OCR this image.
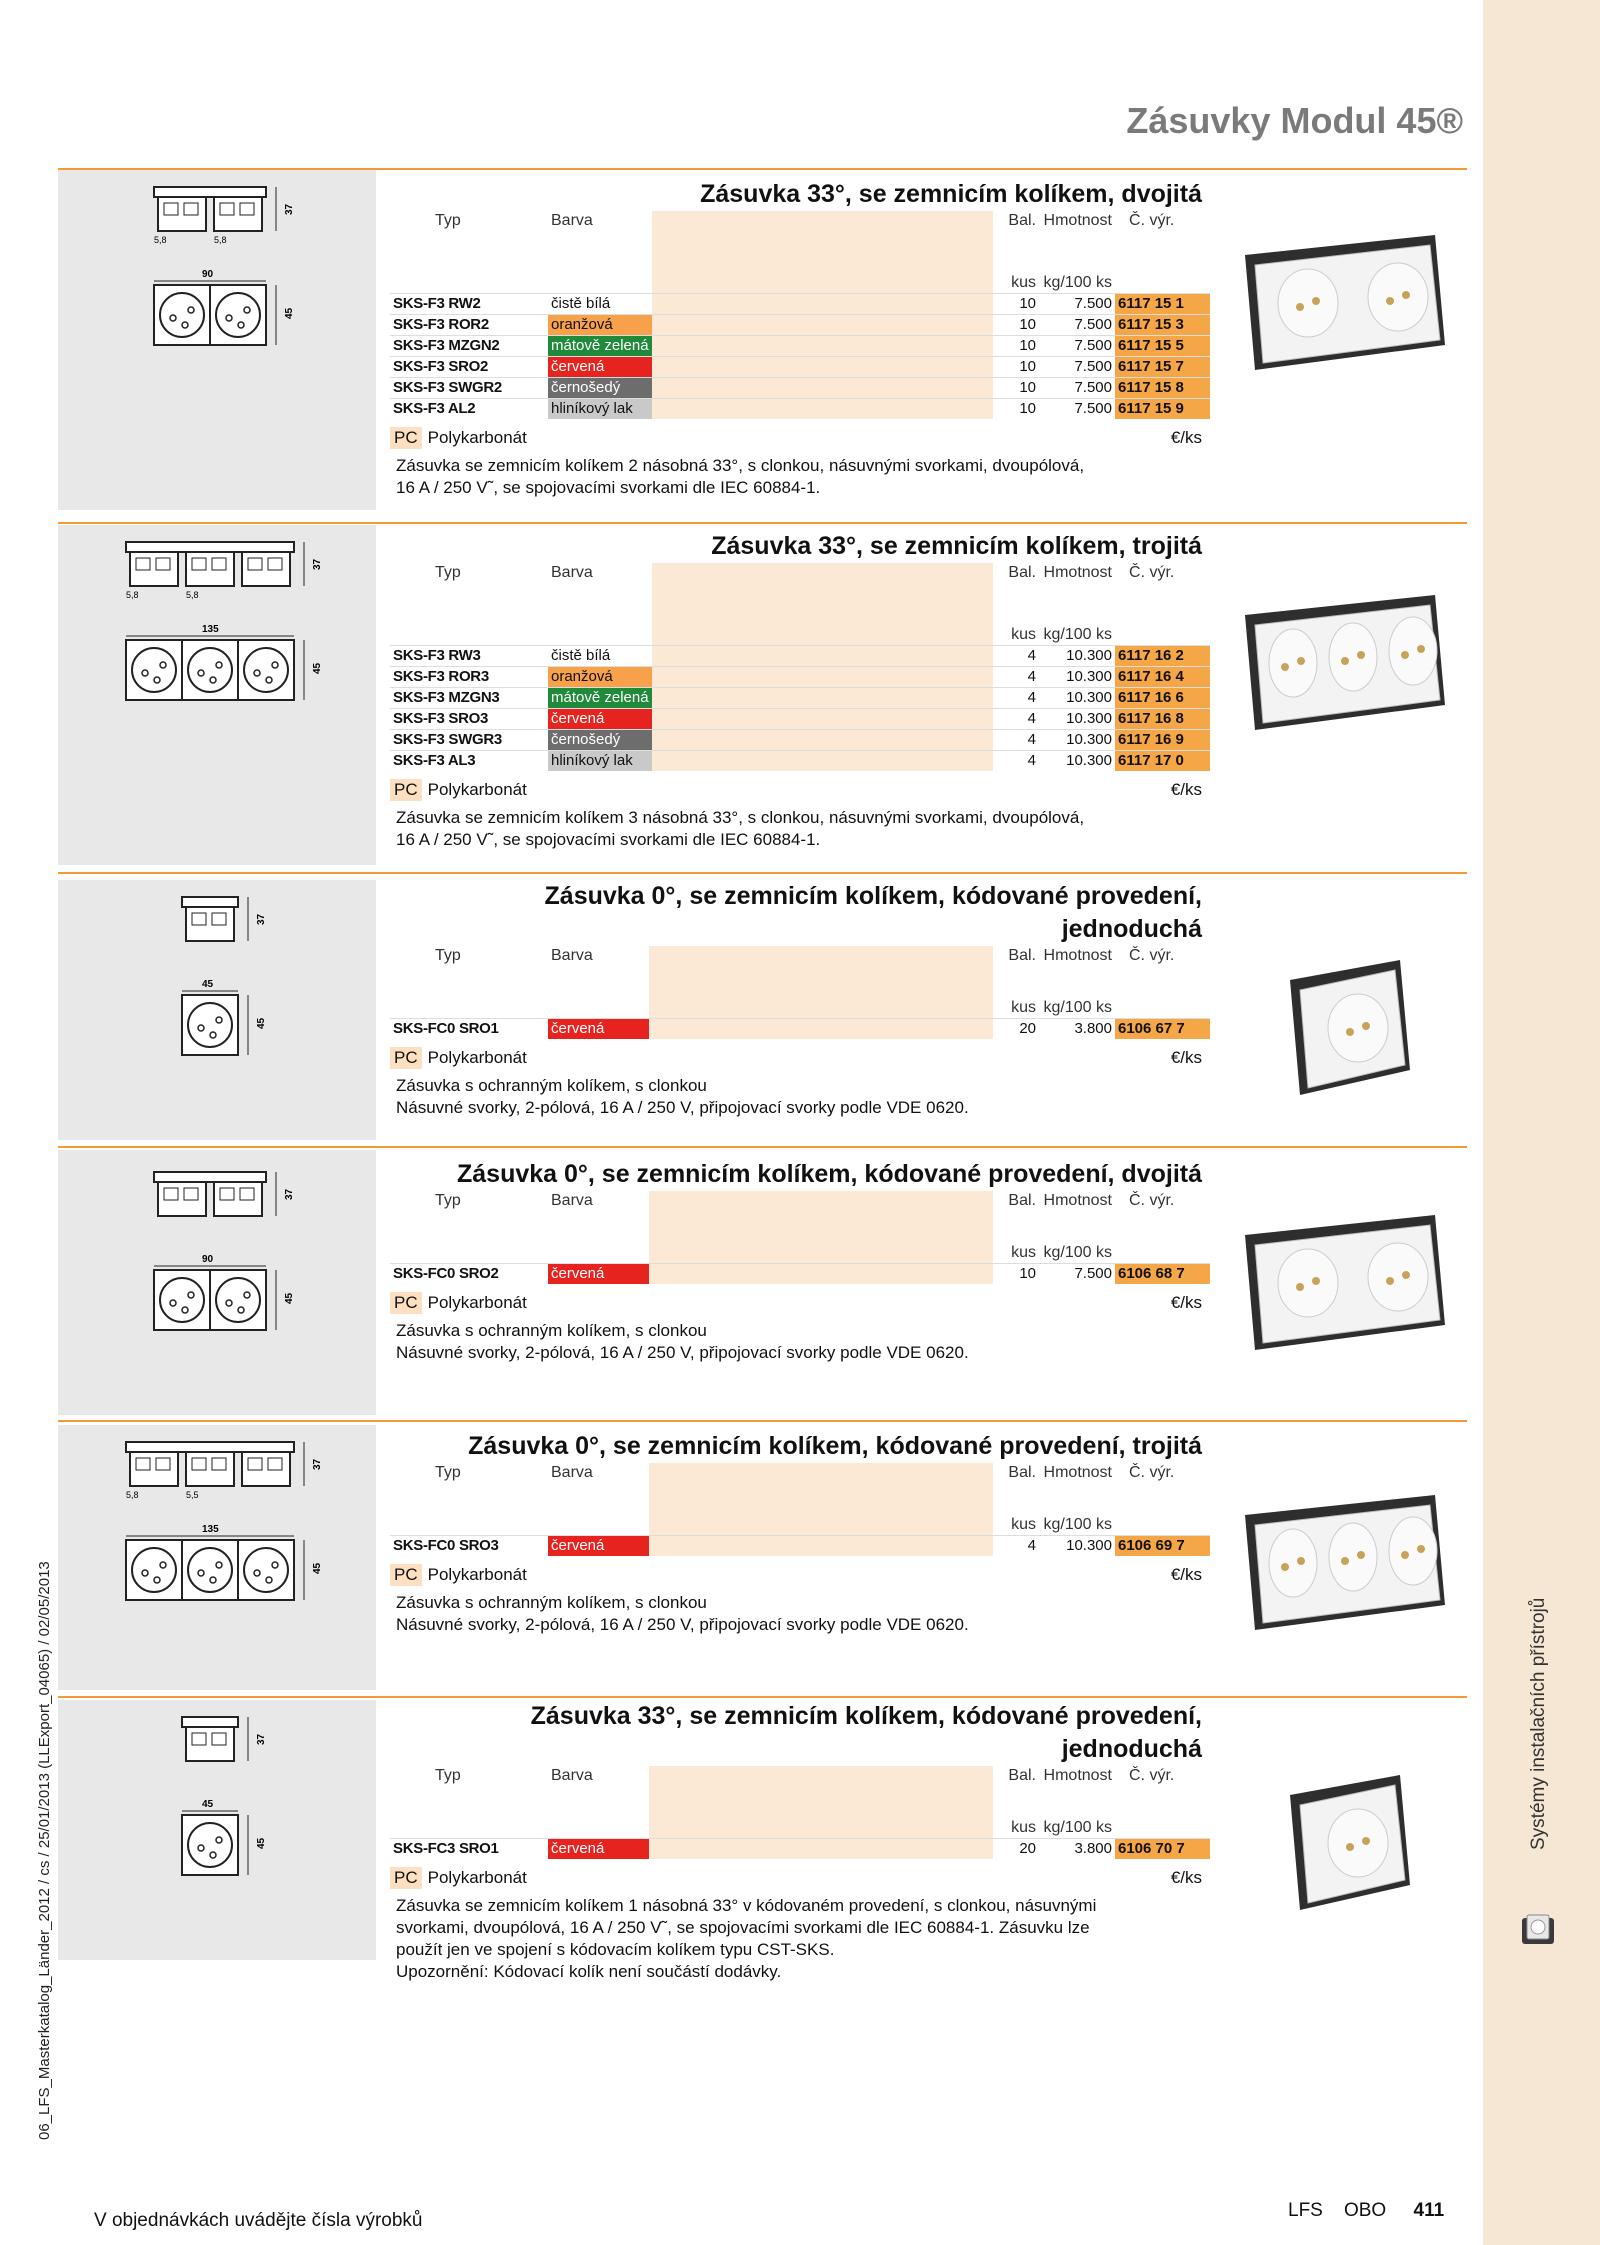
Zásuvky Modul 45®
06_LFS_Masterkatalog_Länder_2012 / cs / 25/01/2013 (LLExport_04065) / 02/05/2013	Systémy instalačních přístrojů
37
5,8	5,8
90
45
Zásuvka 33°, se zemnicím kolíkem, dvojitá
Typ	Barva		Bal.	Hmotnost	Č. výr.

			kus	kg/100 ks	
SKS-F3 RW2	čistě bílá		10	7.500	6117 15 1
SKS-F3 ROR2	oranžová		10	7.500	6117 15 3
SKS-F3 MZGN2	mátově zelená		10	7.500	6117 15 5
SKS-F3 SRO2	červená		10	7.500	6117 15 7
SKS-F3 SWGR2	černošedý		10	7.500	6117 15 8
SKS-F3 AL2	hliníkový lak		10	7.500	6117 15 9
PC Polykarbonát	€/ks
Zásuvka se zemnicím kolíkem 2 násobná 33°, s clonkou, násuvnými svorkami, dvoupólová,
16 A / 250 V˜, se spojovacími svorkami dle IEC 60884-1.
37
5,8	5,8
135
45
Zásuvka 33°, se zemnicím kolíkem, trojitá
Typ	Barva		Bal.	Hmotnost	Č. výr.

			kus	kg/100 ks	
SKS-F3 RW3	čistě bílá		4	10.300	6117 16 2
SKS-F3 ROR3	oranžová		4	10.300	6117 16 4
SKS-F3 MZGN3	mátově zelená		4	10.300	6117 16 6
SKS-F3 SRO3	červená		4	10.300	6117 16 8
SKS-F3 SWGR3	černošedý		4	10.300	6117 16 9
SKS-F3 AL3	hliníkový lak		4	10.300	6117 17 0
PC Polykarbonát	€/ks
Zásuvka se zemnicím kolíkem 3 násobná 33°, s clonkou, násuvnými svorkami, dvoupólová,
16 A / 250 V˜, se spojovacími svorkami dle IEC 60884-1.
37
45
45
Zásuvka 0°, se zemnicím kolíkem, kódované provedení,
jednoduchá
Typ	Barva		Bal.	Hmotnost	Č. výr.

			kus	kg/100 ks	
SKS-FC0 SRO1	červená		20	3.800	6106 67 7
PC Polykarbonát	€/ks
Zásuvka s ochranným kolíkem, s clonkou
Násuvné svorky, 2-pólová, 16 A / 250 V, připojovací svorky podle VDE 0620.
37
90
45
Zásuvka 0°, se zemnicím kolíkem, kódované provedení, dvojitá
Typ	Barva		Bal.	Hmotnost	Č. výr.

			kus	kg/100 ks	
SKS-FC0 SRO2	červená		10	7.500	6106 68 7
PC Polykarbonát	€/ks
Zásuvka s ochranným kolíkem, s clonkou
Násuvné svorky, 2-pólová, 16 A / 250 V, připojovací svorky podle VDE 0620.
37
5,8	5,5
135
45
Zásuvka 0°, se zemnicím kolíkem, kódované provedení, trojitá
Typ	Barva		Bal.	Hmotnost	Č. výr.

			kus	kg/100 ks	
SKS-FC0 SRO3	červená		4	10.300	6106 69 7
PC Polykarbonát	€/ks
Zásuvka s ochranným kolíkem, s clonkou
Násuvné svorky, 2-pólová, 16 A / 250 V, připojovací svorky podle VDE 0620.
37
45
45
Zásuvka 33°, se zemnicím kolíkem, kódované provedení,
jednoduchá
Typ	Barva		Bal.	Hmotnost	Č. výr.

			kus	kg/100 ks	
SKS-FC3 SRO1	červená		20	3.800	6106 70 7
PC Polykarbonát	€/ks
Zásuvka se zemnicím kolíkem 1 násobná 33° v kódovaném provedení, s clonkou, násuvnými
svorkami, dvoupólová, 16 A / 250 V˜, se spojovacími svorkami dle IEC 60884-1. Zásuvku lze
použít jen ve spojení s kódovacím kolíkem typu CST-SKS.
Upozornění: Kódovací kolík není součástí dodávky.
V objednávkách uvádějte čísla výrobků	LFS OBO 411
